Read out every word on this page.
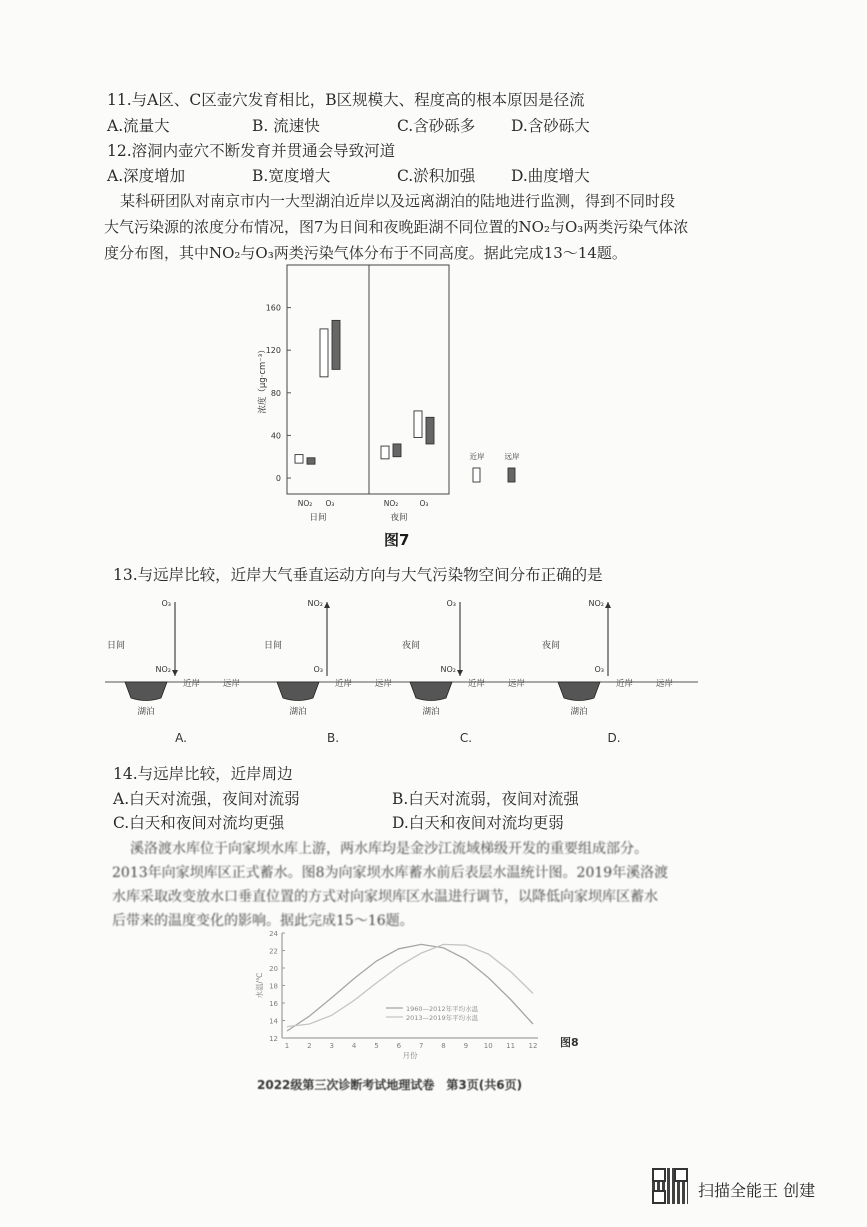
11.与A区、C区壶穴发育相比，B区规模大、程度高的根本原因是径流
A.流量大	B. 流速快	C.含砂砾多 D.含砂砾大
12.溶洞内壶穴不断发育并贯通会导致河道
A.深度增加	B.宽度增大	C.淤积加强 D.曲度增大
某科研团队对南京市内一大型湖泊近岸以及远离湖泊的陆地进行监测，得到不同时段
大气污染源的浓度分布情况，图7为日间和夜晚距湖不同位置的NO₂与O₃两类污染气体浓
度分布图，其中NO₂与O₃两类污染气体分布于不同高度。据此完成13～14题。
0
40
80
120
160
浓度（μg·cm⁻³）
NO₂ O₃
日间
NO₂	O₃
夜间
近岸	远岸
图7
13.与远岸比较，近岸大气垂直运动方向与大气污染物空间分布正确的是
湖泊
近岸	远岸
O₃
NO₂
日间
A.
湖泊
近岸	远岸
NO₂
O₃
日间
B.
湖泊
近岸	远岸
O₃
NO₂
夜间
C.
湖泊
近岸	远岸
NO₂
O₃
夜间
D.
14.与远岸比较，近岸周边
A.白天对流强，夜间对流弱	B.白天对流弱，夜间对流强
C.白天和夜间对流均更强	D.白天和夜间对流均更弱
溪洛渡水库位于向家坝水库上游，两水库均是金沙江流域梯级开发的重要组成部分。
2013年向家坝库区正式蓄水。图8为向家坝水库蓄水前后表层水温统计图。2019年溪洛渡
水库采取改变放水口垂直位置的方式对向家坝库区水温进行调节，以降低向家坝库区蓄水
后带来的温度变化的影响。据此完成15～16题。
12
14
16
18
20
22
24
1	2	3	4	5	6	7	8	9 10 11 12
水温/℃
月份
1960—2012年平均水温
2013—2019年平均水温
图8
2022级第三次诊断考试地理试卷　第3页(共6页)
扫描全能王 创建
